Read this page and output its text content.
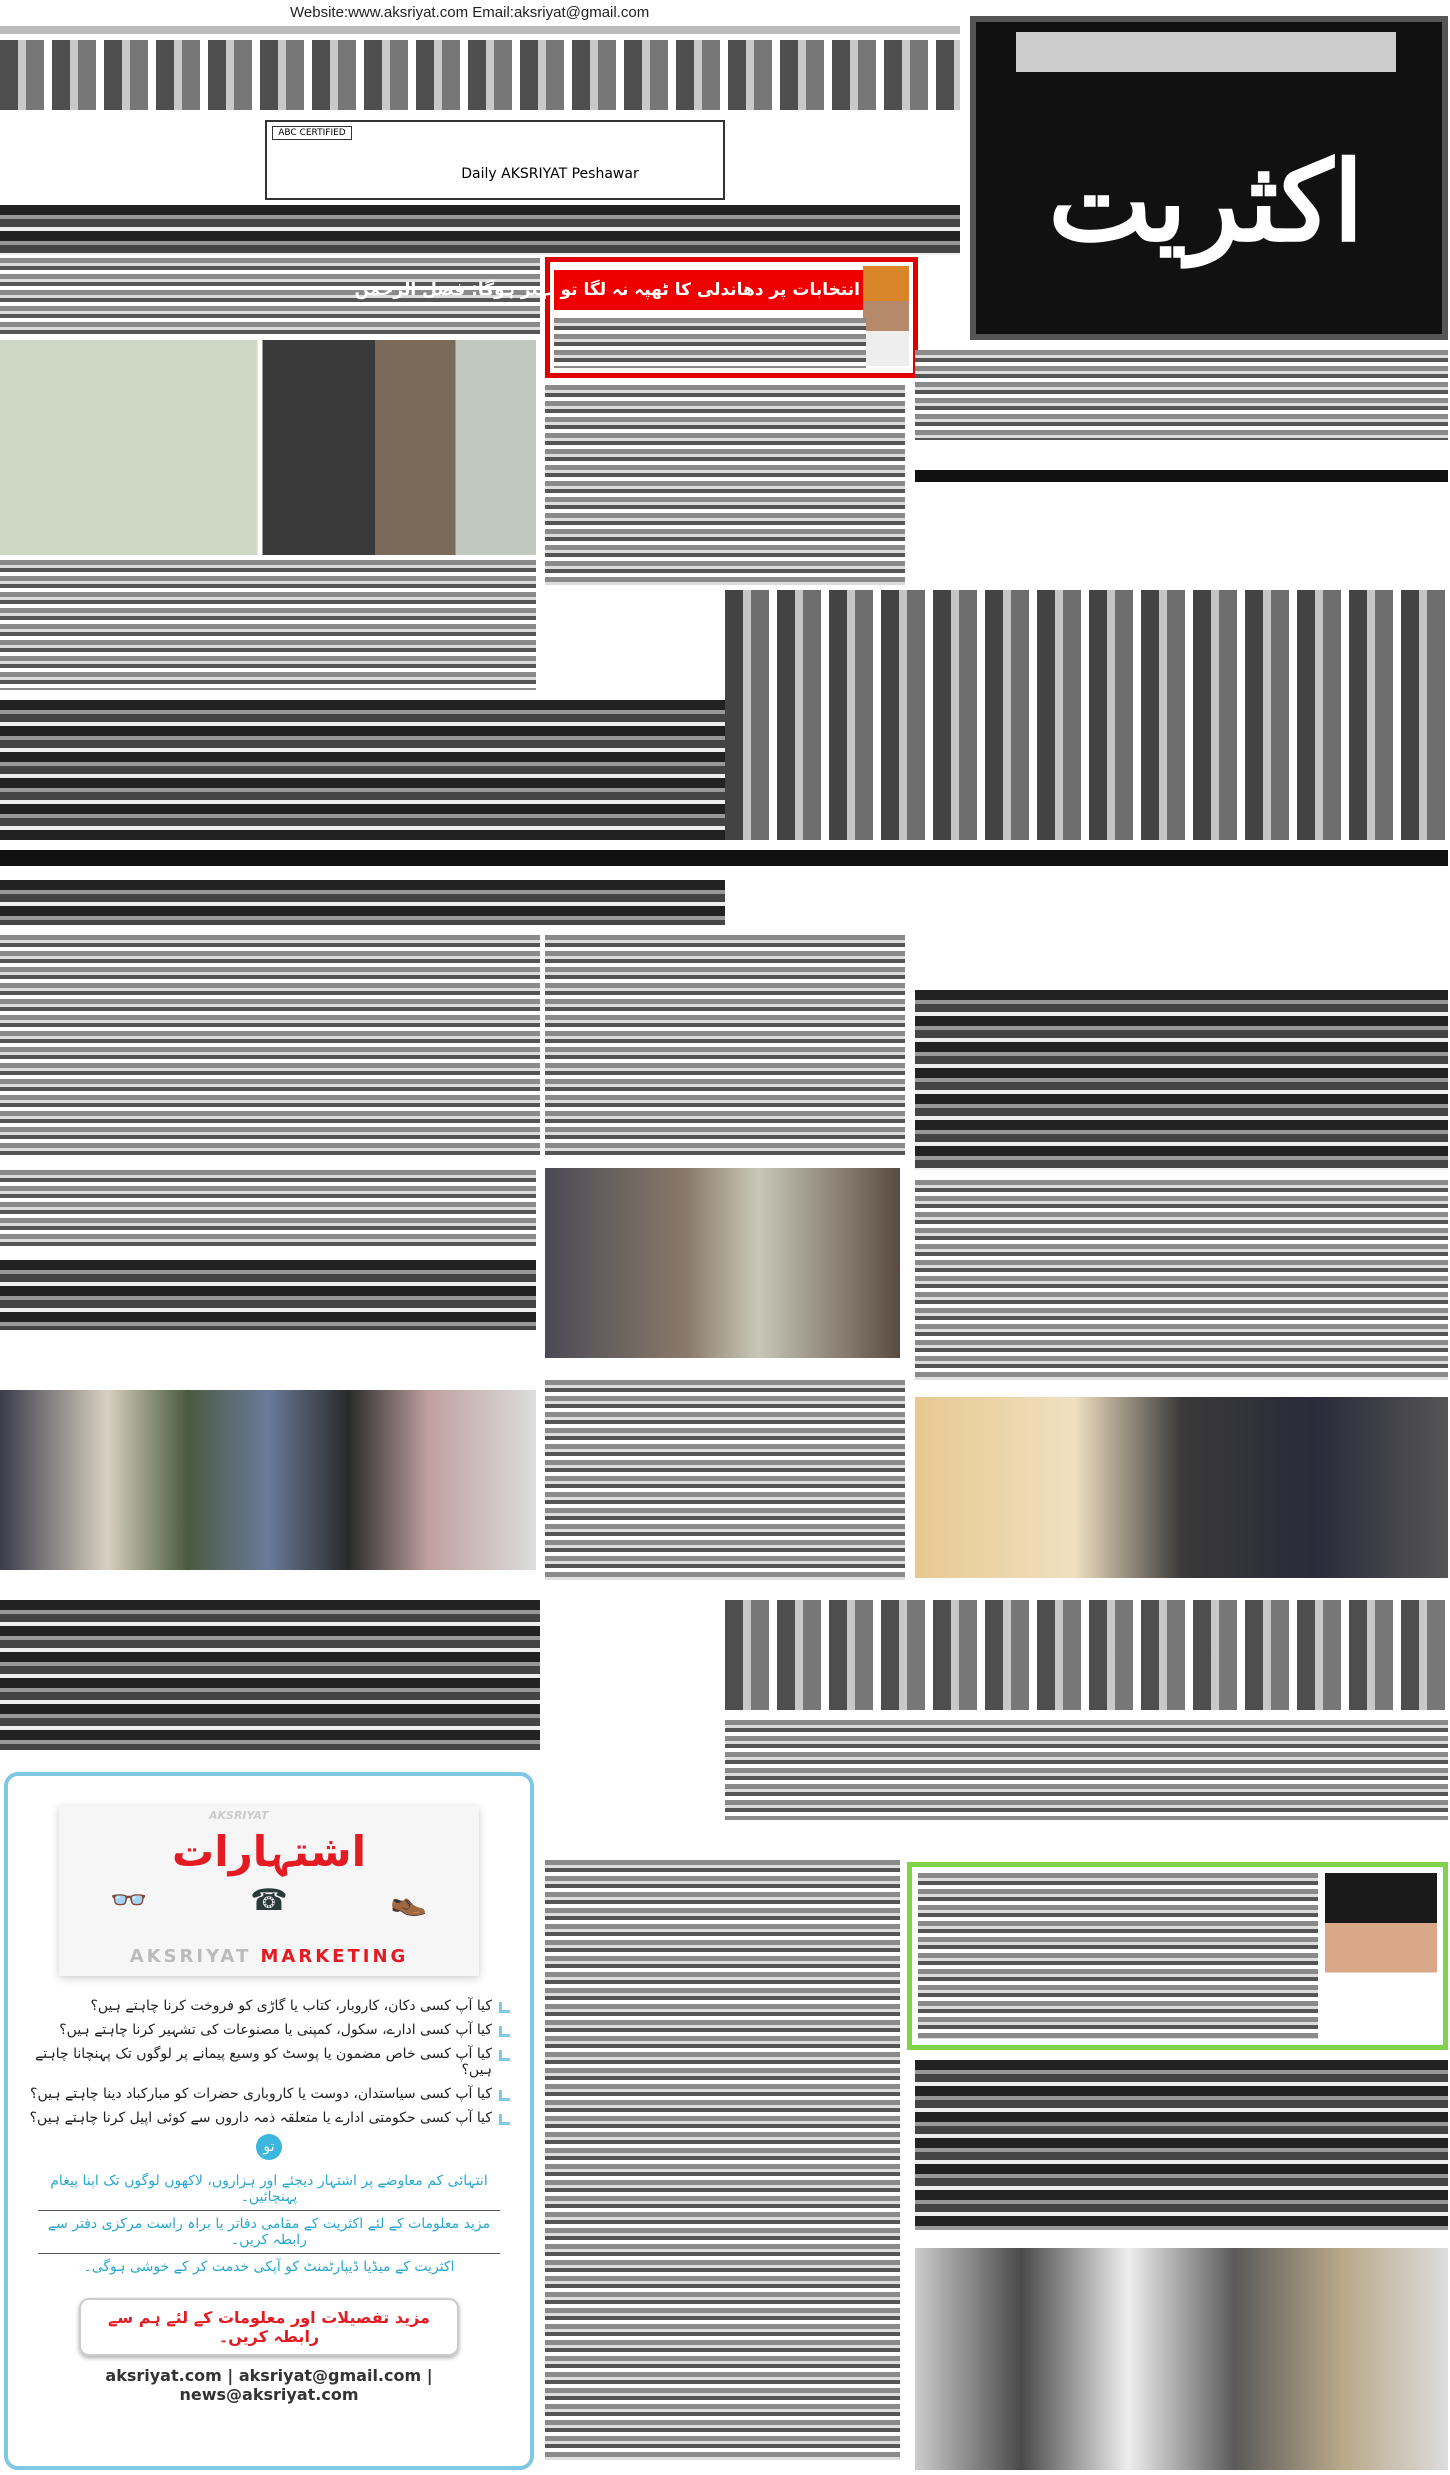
Website:www.aksriyat.com Email:aksriyat@gmail.com
Daily AKSRIYAT Peshawar
ABC CERTIFIED
اکثریت
انتخابات پر دھاندلی کا ٹھپہ نہ لگا تو بہتر ہوگا: فضل الرحمن
AKSRIYAT
اشتہارات
👓	☎	👞
AKSRIYAT MARKETING
کیا آپ کسی دکان، کاروبار، کتاب یا گاڑی کو فروخت کرنا چاہتے ہیں؟
کیا آپ کسی ادارے، سکول، کمپنی یا مصنوعات کی تشہیر کرنا چاہتے ہیں؟
کیا آپ کسی خاص مضمون یا پوسٹ کو وسیع پیمانے پر لوگوں تک پہنچانا چاہتے ہیں؟
کیا آپ کسی سیاستدان، دوست یا کاروباری حضرات کو مبارکباد دینا چاہتے ہیں؟
کیا آپ کسی حکومتی ادارے یا متعلقہ ذمہ داروں سے کوئی اپیل کرنا چاہتے ہیں؟
تو
انتہائی کم معاوضے پر اشتہار دیجئے اور ہزاروں، لاکھوں لوگوں تک اپنا پیغام پہنچائیں۔
مزید معلومات کے لئے اکثریت کے مقامی دفاتر یا براہ راست مرکزی دفتر سے رابطہ کریں۔
اکثریت کے میڈیا ڈیپارٹمنٹ کو آپکی خدمت کر کے خوشی ہوگی۔
مزید تفصیلات اور معلومات کے لئے ہم سے رابطہ کریں۔
aksriyat.com | aksriyat@gmail.com | news@aksriyat.com
